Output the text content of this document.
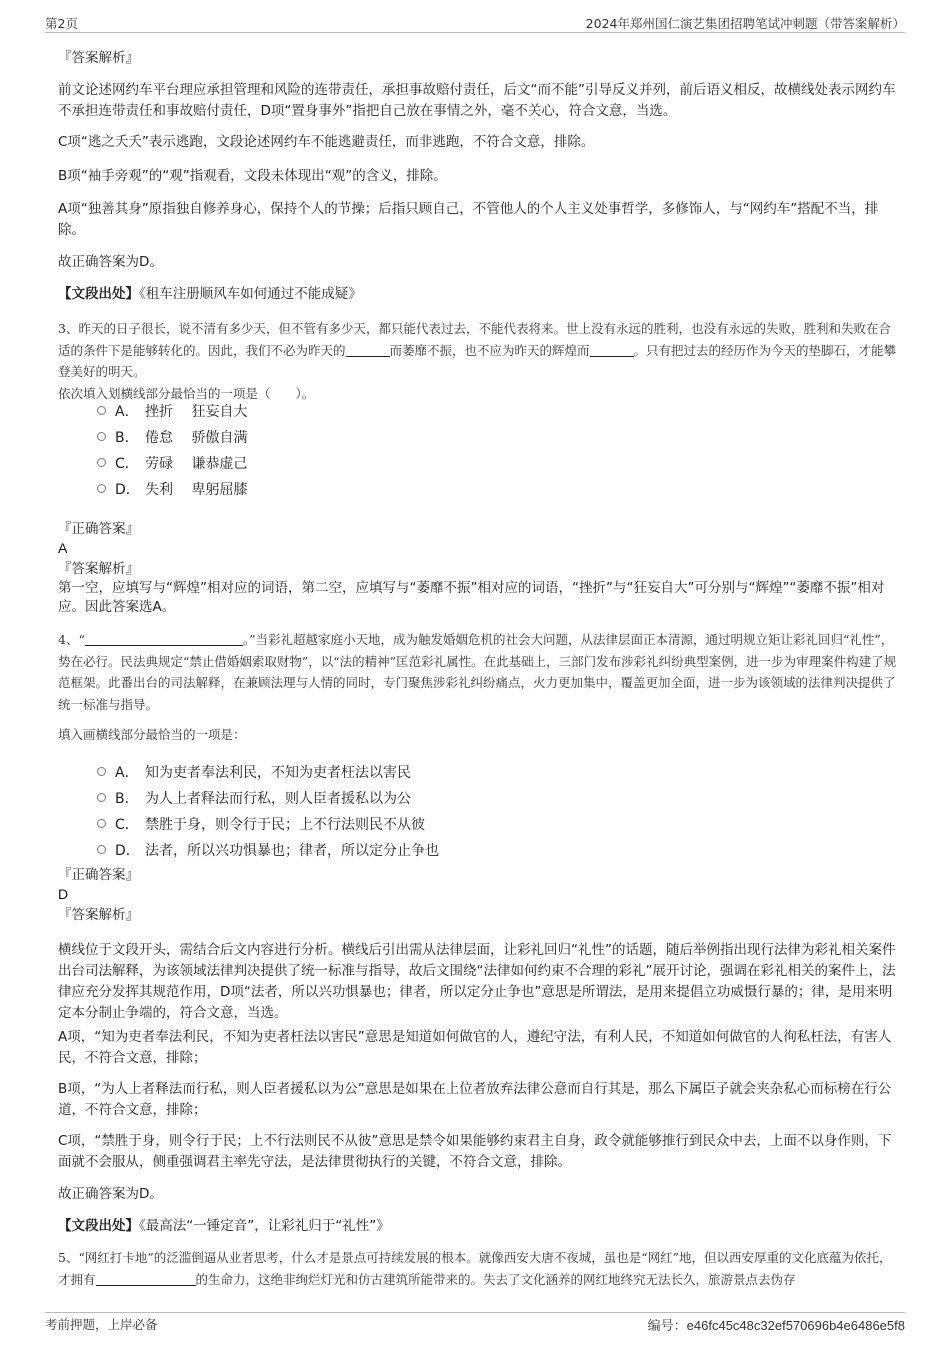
第2页	2024年郑州国仁演艺集团招聘笔试冲刺题（带答案解析）

『答案解析』

前文论述网约车平台理应承担管理和风险的连带责任，承担事故赔付责任，后文“而不能”引导反义并列，前后语义相反，故横线处表示网约车不承担连带责任和事故赔付责任，D项“置身事外”指把自己放在事情之外，毫不关心，符合文意，当选。

C项“逃之夭夭”表示逃跑，文段论述网约车不能逃避责任，而非逃跑，不符合文意，排除。

B项“袖手旁观”的“观”指观看，文段未体现出“观”的含义，排除。

A项“独善其身”原指独自修养身心，保持个人的节操；后指只顾自己，不管他人的个人主义处事哲学，多修饰人，与“网约车”搭配不当，排除。

故正确答案为D。

【文段出处】《租车注册顺风车如何通过不能成疑》

3、昨天的日子很长，说不清有多少天，但不管有多少天，都只能代表过去，不能代表将来。世上没有永远的胜利，也没有永远的失败，胜利和失败在合适的条件下是能够转化的。因此，我们不必为昨天的	而萎靡不振，也不应为昨天的辉煌而	。只有把过去的经历作为今天的垫脚石，才能攀登美好的明天。

依次填入划横线部分最恰当的一项是（　　）。

A． 挫折　 狂妄自大
B． 倦怠　 骄傲自满
C． 劳碌　 谦恭虚己
D． 失利　 卑躬屈膝

『正确答案』

A

『答案解析』

第一空，应填写与“辉煌”相对应的词语，第二空，应填写与“萎靡不振”相对应的词语，“挫折”与“狂妄自大”可分别与“辉煌”“萎靡不振”相对应。因此答案选A。

4、“	。”当彩礼超越家庭小天地，成为触发婚姻危机的社会大问题，从法律层面正本清源，通过明规立矩让彩礼回归“礼性”，势在必行。民法典规定“禁止借婚姻索取财物”，以“法的精神”匡范彩礼属性。在此基础上，三部门发布涉彩礼纠纷典型案例，进一步为审理案件构建了规范框架。此番出台的司法解释，在兼顾法理与人情的同时，专门聚焦涉彩礼纠纷痛点，火力更加集中，覆盖更加全面，进一步为该领域的法律判决提供了统一标准与指导。

填入画横线部分最恰当的一项是：

A． 知为吏者奉法利民，不知为吏者枉法以害民
B． 为人上者释法而行私，则人臣者援私以为公
C． 禁胜于身，则令行于民；上不行法则民不从彼
D． 法者，所以兴功惧暴也；律者，所以定分止争也

『正确答案』

D

『答案解析』

横线位于文段开头，需结合后文内容进行分析。横线后引出需从法律层面，让彩礼回归“礼性”的话题，随后举例指出现行法律为彩礼相关案件出台司法解释，为该领域法律判决提供了统一标准与指导，故后文围绕“法律如何约束不合理的彩礼”展开讨论，强调在彩礼相关的案件上，法律应充分发挥其规范作用，D项“法者，所以兴功惧暴也；律者，所以定分止争也”意思是所谓法，是用来提倡立功威慑行暴的；律，是用来明定本分制止争端的，符合文意，当选。

A项，“知为吏者奉法利民，不知为吏者枉法以害民”意思是知道如何做官的人，遵纪守法，有利人民，不知道如何做官的人徇私枉法，有害人民，不符合文意，排除；

B项，“为人上者释法而行私，则人臣者援私以为公”意思是如果在上位者放弃法律公意而自行其是，那么下属臣子就会夹杂私心而标榜在行公道，不符合文意，排除；

C项，“禁胜于身，则令行于民；上不行法则民不从彼”意思是禁令如果能够约束君主自身，政令就能够推行到民众中去，上面不以身作则，下面就不会服从，侧重强调君主率先守法，是法律贯彻执行的关键，不符合文意，排除。

故正确答案为D。

【文段出处】《最高法“一锤定音”，让彩礼归于“礼性”》

5、“网红打卡地”的泛滥倒逼从业者思考，什么才是景点可持续发展的根本。就像西安大唐不夜城，虽也是“网红”地，但以西安厚重的文化底蕴为依托，才拥有	的生命力，这绝非绚烂灯光和仿古建筑所能带来的。失去了文化涵养的网红地终究无法长久，旅游景点去伪存

考前押题，上岸必备	编号：e46fc45c48c32ef570696b4e6486e5f8
